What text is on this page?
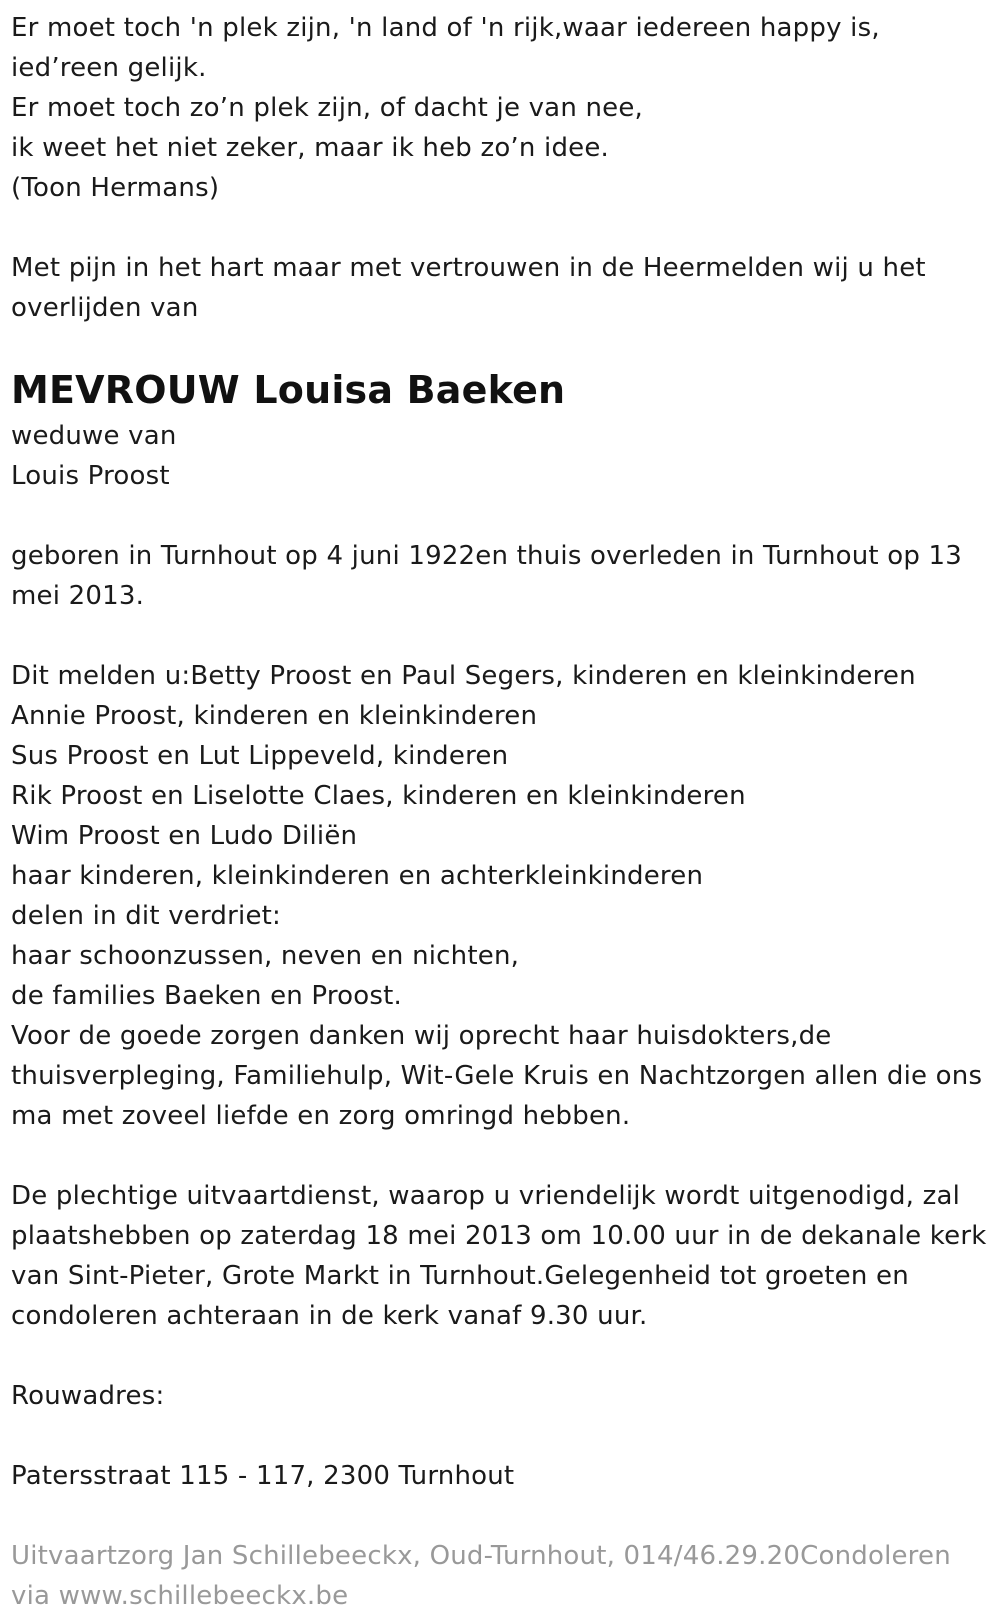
Er moet toch 'n plek zijn, 'n land of 'n rijk,waar iedereen happy is,
ied’reen gelijk.
Er moet toch zo’n plek zijn, of dacht je van nee,
ik weet het niet zeker, maar ik heb zo’n idee.
(Toon Hermans)
Met pijn in het hart maar met vertrouwen in de Heermelden wij u het
overlijden van
MEVROUW Louisa Baeken
weduwe van
Louis Proost
geboren in Turnhout op 4 juni 1922en thuis overleden in Turnhout op 13
mei 2013.
Dit melden u:Betty Proost en Paul Segers, kinderen en kleinkinderen
Annie Proost, kinderen en kleinkinderen
Sus Proost en Lut Lippeveld, kinderen
Rik Proost en Liselotte Claes, kinderen en kleinkinderen
Wim Proost en Ludo Diliën
haar kinderen, kleinkinderen en achterkleinkinderen
delen in dit verdriet:
haar schoonzussen, neven en nichten,
de families Baeken en Proost.
Voor de goede zorgen danken wij oprecht haar huisdokters,de
thuisverpleging, Familiehulp, Wit-Gele Kruis en Nachtzorgen allen die ons
ma met zoveel liefde en zorg omringd hebben.
De plechtige uitvaartdienst, waarop u vriendelijk wordt uitgenodigd, zal
plaatshebben op zaterdag 18 mei 2013 om 10.00 uur in de dekanale kerk
van Sint-Pieter, Grote Markt in Turnhout.Gelegenheid tot groeten en
condoleren achteraan in de kerk vanaf 9.30 uur.
Rouwadres:
Patersstraat 115 - 117, 2300 Turnhout
Uitvaartzorg Jan Schillebeeckx, Oud-Turnhout, 014/46.29.20Condoleren
via www.schillebeeckx.be
